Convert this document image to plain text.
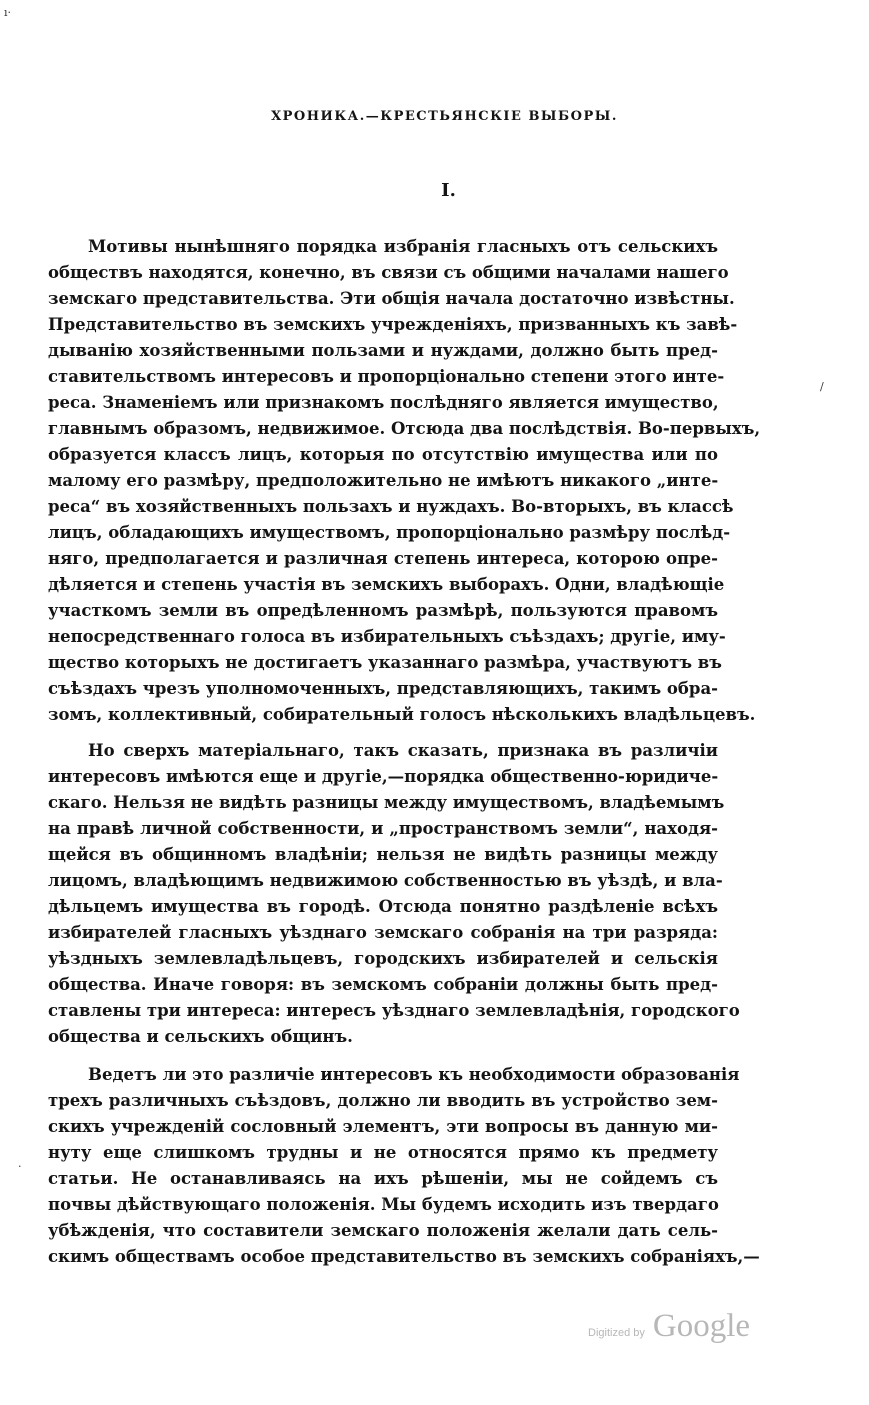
ı·
/
·
ХРОНИКА.—КРЕСТЬЯНСКIЕ ВЫБОРЫ.
I.
Мотивы нынѣшняго порядка избранія гласныхъ отъ сельскихъ
обществъ находятся, конечно, въ связи съ общими началами нашего
земскаго представительства. Эти общія начала достаточно извѣстны.
Представительство въ земскихъ учрежденіяхъ, призванныхъ къ завѣ-
дыванію хозяйственными пользами и нуждами, должно быть пред-
ставительствомъ интересовъ и пропорціонально степени этого инте-
реса. Знаменіемъ или признакомъ послѣдняго является имущество,
главнымъ образомъ, недвижимое. Отсюда два послѣдствія. Во-первыхъ,
образуется классъ лицъ, которыя по отсутствію имущества или по
малому его размѣру, предположительно не имѣютъ никакого „инте-
реса“ въ хозяйственныхъ пользахъ и нуждахъ. Во-вторыхъ, въ классѣ
лицъ, обладающихъ имуществомъ, пропорціонально размѣру послѣд-
няго, предполагается и различная степень интереса, которою опре-
дѣляется и степень участія въ земскихъ выборахъ. Одни, владѣющіе
участкомъ земли въ опредѣленномъ размѣрѣ, пользуются правомъ
непосредственнаго голоса въ избирательныхъ съѣздахъ; другіе, иму-
щество которыхъ не достигаетъ указаннаго размѣра, участвуютъ въ
съѣздахъ чрезъ уполномоченныхъ, представляющихъ, такимъ обра-
зомъ, коллективный, собирательный голосъ нѣсколькихъ владѣльцевъ.
Но сверхъ матеріальнаго, такъ сказать, признака въ различіи
интересовъ имѣются еще и другіе,—порядка общественно-юридиче-
скаго. Нельзя не видѣть разницы между имуществомъ, владѣемымъ
на правѣ личной собственности, и „пространствомъ земли“, находя-
щейся въ общинномъ владѣніи; нельзя не видѣть разницы между
лицомъ, владѣющимъ недвижимою собственностью въ уѣздѣ, и вла-
дѣльцемъ имущества въ городѣ. Отсюда понятно раздѣленіе всѣхъ
избирателей гласныхъ уѣзднаго земскаго собранія на три разряда:
уѣздныхъ землевладѣльцевъ, городскихъ избирателей и сельскія
общества. Иначе говоря: въ земскомъ собраніи должны быть пред-
ставлены три интереса: интересъ уѣзднаго землевладѣнія, городского
общества и сельскихъ общинъ.
Ведетъ ли это различіе интересовъ къ необходимости образованія
трехъ различныхъ съѣздовъ, должно ли вводить въ устройство зем-
скихъ учрежденій сословный элементъ, эти вопросы въ данную ми-
нуту еще слишкомъ трудны и не относятся прямо къ предмету
статьи. Не останавливаясь на ихъ рѣшеніи, мы не сойдемъ съ
почвы дѣйствующаго положенія. Мы будемъ исходить изъ твердаго
убѣжденія, что составители земскаго положенія желали дать сель-
скимъ обществамъ особое представительство въ земскихъ собраніяхъ,—
Digitized by Google
